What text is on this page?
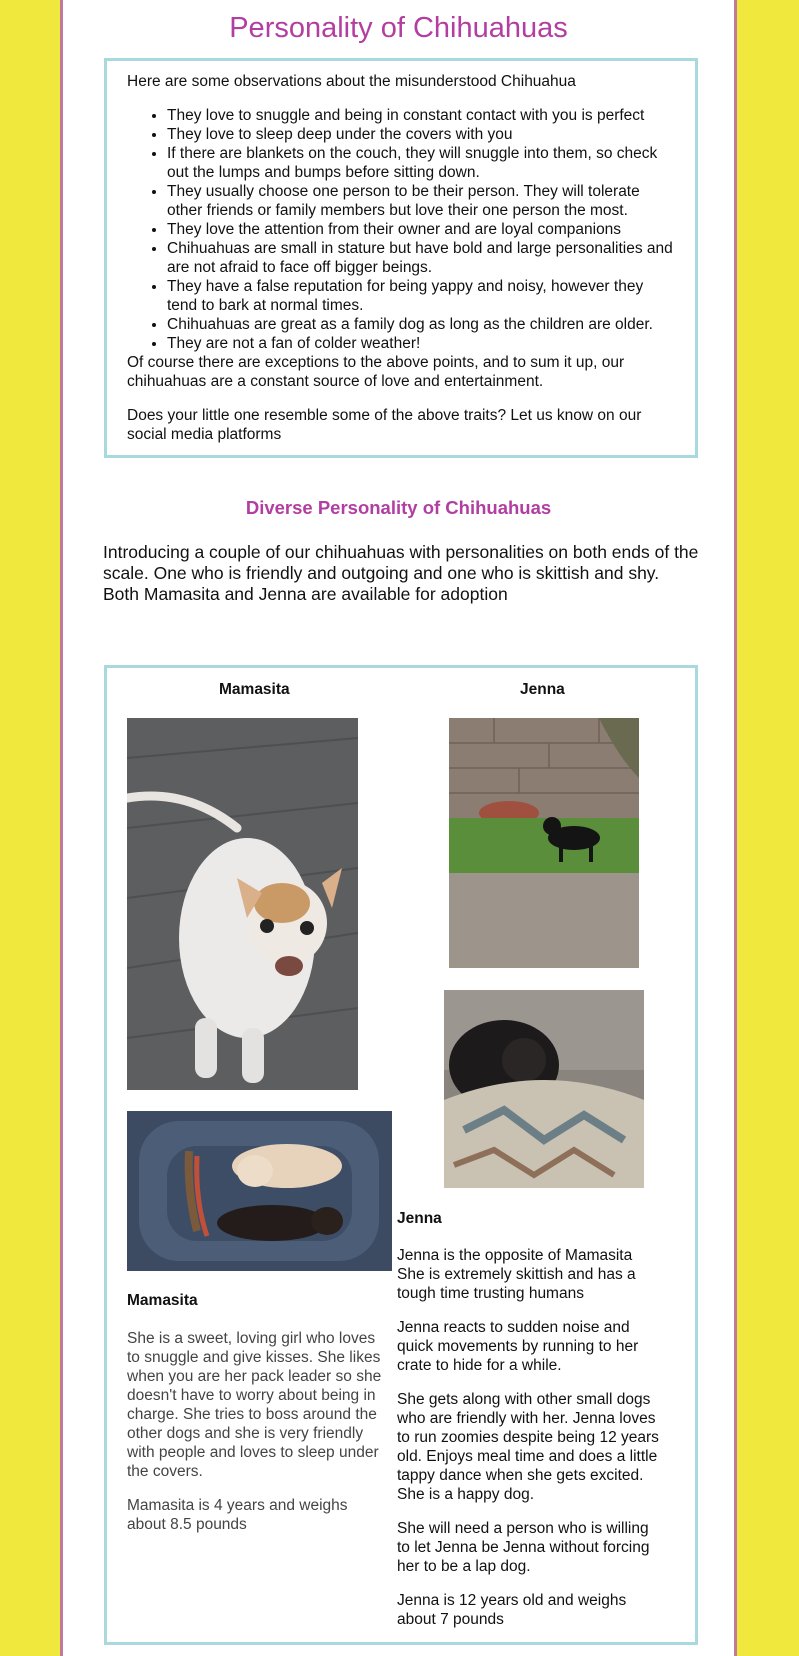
Personality of Chihuahuas

Here are some observations about the misunderstood Chihuahua

• They love to snuggle and being in constant contact with you is perfect
• They love to sleep deep under the covers with you
• If there are blankets on the couch, they will snuggle into them, so check out the lumps and bumps before sitting down.
• They usually choose one person to be their person. They will tolerate other friends or family members but love their one person the most.
• They love the attention from their owner and are loyal companions
• Chihuahuas are small in stature but have bold and large personalities and are not afraid to face off bigger beings.
• They have a false reputation for being yappy and noisy, however they tend to bark at normal times.
• Chihuahuas are great as a family dog as long as the children are older.
• They are not a fan of colder weather!

Of course there are exceptions to the above points, and to sum it up, our chihuahuas are a constant source of love and entertainment.

Does your little one resemble some of the above traits? Let us know on our social media platforms

Diverse Personality of Chihuahuas

Introducing a couple of our chihuahuas with personalities on both ends of the scale. One who is friendly and outgoing and one who is skittish and shy.

Both Mamasita and Jenna are available for adoption

Mamasita

Mamasita

She is a sweet, loving girl who loves to snuggle and give kisses. She likes when you are her pack leader so she doesn't have to worry about being in charge. She tries to boss around the other dogs and she is very friendly with people and loves to sleep under the covers.

Mamasita is 4 years and weighs about 8.5 pounds

Jenna

Jenna

Jenna is the opposite of Mamasita She is extremely skittish and has a tough time trusting humans

Jenna reacts to sudden noise and quick movements by running to her crate to hide for a while.

She gets along with other small dogs who are friendly with her. Jenna loves to run zoomies despite being 12 years old. Enjoys meal time and does a little tappy dance when she gets excited. She is a happy dog.

She will need a person who is willing to let Jenna be Jenna without forcing her to be a lap dog.

Jenna is 12 years old and weighs about 7 pounds
